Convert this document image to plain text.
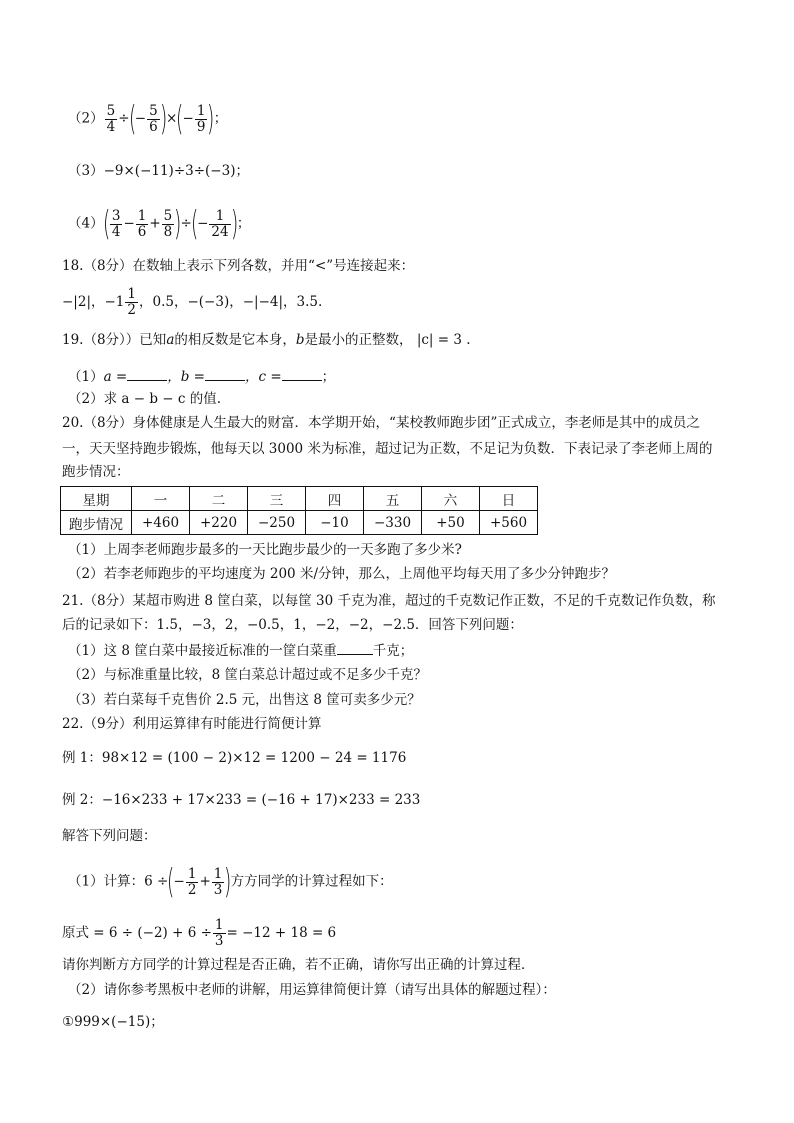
$(2) \frac{5}{4}$ ÷(− $\frac{5}{6}$ )×(− $\frac{1}{9}$ )；
（3）−9×(−11)÷3÷(−3)；
$(4)( \frac{3}{4} - \frac{1}{6} + \frac{5}{8}$ )÷(− $\frac{1}{24}$ )；
18.（8分）在数轴上表示下列各数，并用“<”号连接起来：
−|2|，$-1 \frac{1}{2}$ ，0.5，−(−3)，−|−4|，3.5.
19.（8分））已知a的相反数是它本身，b是最小的正整数， |c| = 3 .
（1）a =	，b =	，c =	；
（2）求 a − b − c 的值.
20.（8分）身体健康是人生最大的财富．本学期开始，“某校教师跑步团”正式成立，李老师是其中的成员之
一，天天坚持跑步锻炼，他每天以 3000 米为标准，超过记为正数，不足记为负数．下表记录了李老师上周的
跑步情况：
星期	一	二	三	四	五	六	日
跑步情况	+460	+220	−250	−10	−330	+50	+560
（1）上周李老师跑步最多的一天比跑步最少的一天多跑了多少米?
（2）若李老师跑步的平均速度为 200 米/分钟，那么，上周他平均每天用了多少分钟跑步？
21.（8分）某超市购进 8 筐白菜，以每筐 30 千克为准，超过的千克数记作正数，不足的千克数记作负数，称
后的记录如下：1.5，−3，2，−0.5，1，−2，−2，−2.5．回答下列问题：
（1）这 8 筐白菜中最接近标准的一筐白菜重	千克；
（2）与标准重量比较，8 筐白菜总计超过或不足多少千克？
（3）若白菜每千克售价 2.5 元，出售这 8 筐可卖多少元？
22.（9分）利用运算律有时能进行简便计算
例 1：98×12 = (100 − 2)×12 = 1200 − 24 = 1176
例 2：−16×233 + 17×233 = (−16 + 17)×233 = 233
解答下列问题：
（1）计算：6 ÷(− $\frac{1}{2} + \frac{1}{3}$ )方方同学的计算过程如下：
原式 = $6 \div (-2) + 6 \div \frac{1}{3} = -12 + 18 = 6$
请你判断方方同学的计算过程是否正确，若不正确，请你写出正确的计算过程．
（2）请你参考黑板中老师的讲解，用运算律简便计算（请写出具体的解题过程）：
①999×(−15)；
